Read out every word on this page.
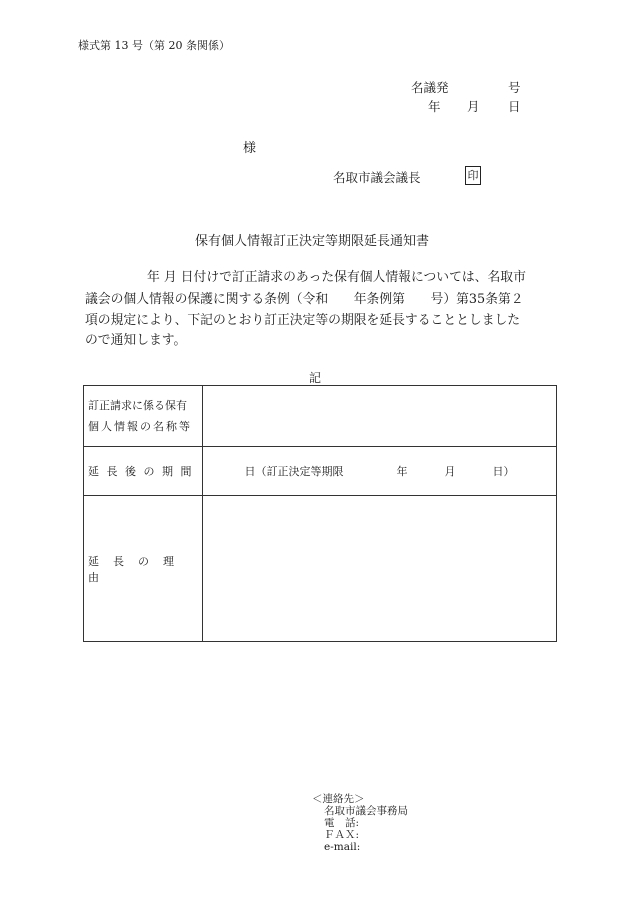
様式第 13 号（第 20 条関係）
名議発	号
年 月 日
様
名取市議会議長	印
保有個人情報訂正決定等期限延長通知書
年 月 日付けで訂正請求のあった保有個人情報については、名取市
議会の個人情報の保護に関する条例（令和　　年条例第　　号）第35条第２
項の規定により、下記のとおり訂正決定等の期限を延長することとしました
ので通知します。
記
訂正請求に係る保有
個人情報の名称等	

延長後の期間	日（訂正決定等期限 年 月 日）
延長の理由	
＜連絡先＞
名取市議会事務局
電　話:
ＦＡＸ:
e-mail:
